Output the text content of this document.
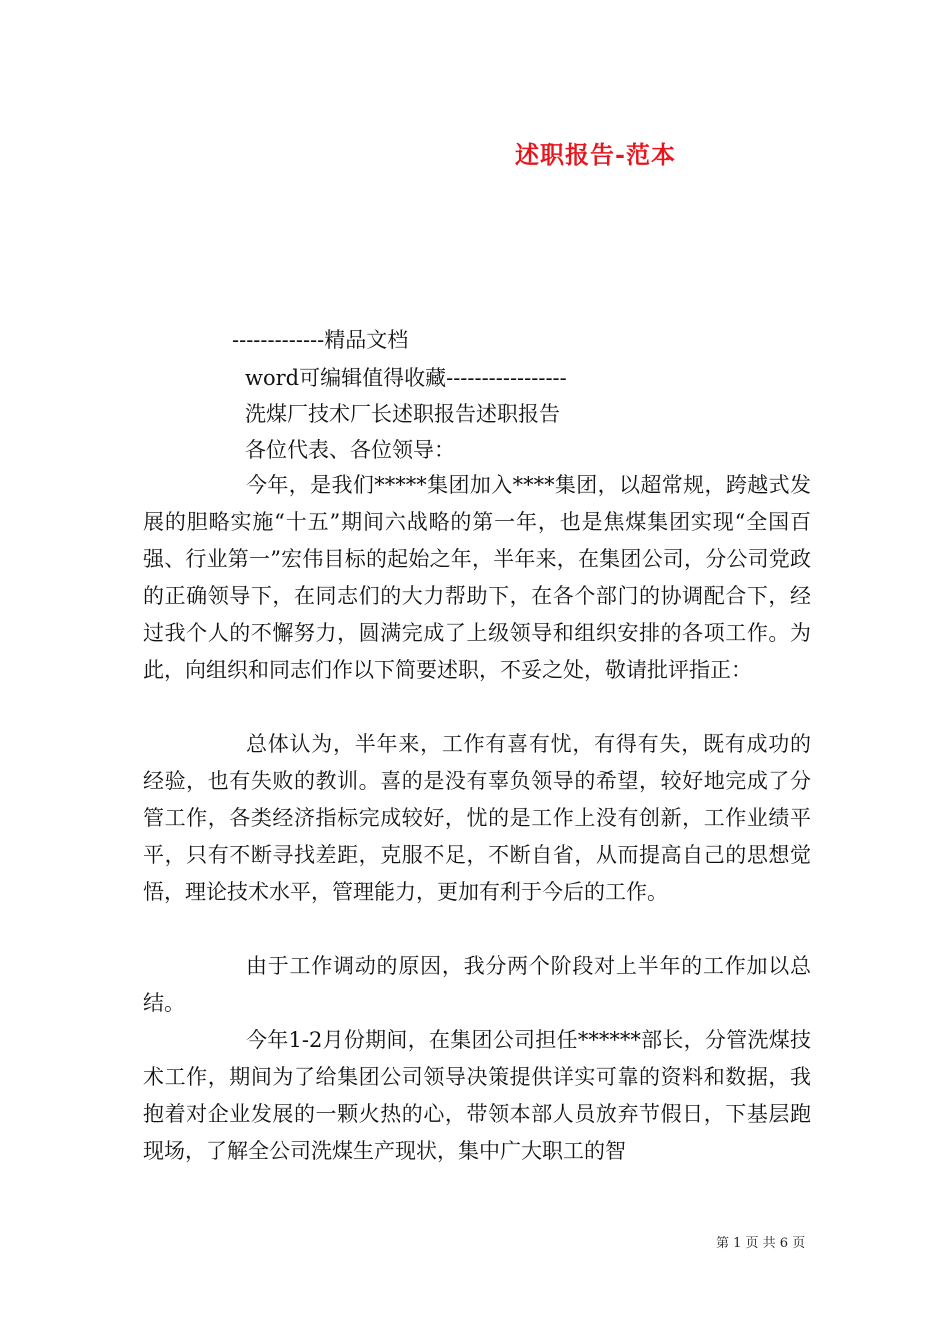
述职报告-范本
-------------精品文档
word可编辑值得收藏-----------------
洗煤厂技术厂长述职报告述职报告
各位代表、各位领导：

今年，是我们*****集团加入****集团，以超常规，跨越式发展的胆略实施“十五”期间六战略的第一年，也是焦煤集团实现“全国百强、行业第一”宏伟目标的起始之年，半年来，在集团公司，分公司党政的正确领导下，在同志们的大力帮助下，在各个部门的协调配合下，经过我个人的不懈努力，圆满完成了上级领导和组织安排的各项工作。为此，向组织和同志们作以下简要述职，不妥之处，敬请批评指正：

总体认为，半年来，工作有喜有忧，有得有失，既有成功的经验，也有失败的教训。喜的是没有辜负领导的希望，较好地完成了分管工作，各类经济指标完成较好，忧的是工作上没有创新，工作业绩平平，只有不断寻找差距，克服不足，不断自省，从而提高自己的思想觉悟，理论技术水平，管理能力，更加有利于今后的工作。

由于工作调动的原因，我分两个阶段对上半年的工作加以总结。

今年1-2月份期间，在集团公司担任******部长，分管洗煤技术工作，期间为了给集团公司领导决策提供详实可靠的资料和数据，我抱着对企业发展的一颗火热的心，带领本部人员放弃节假日，下基层跑现场，了解全公司洗煤生产现状，集中广大职工的智

第 1 页 共 6 页
